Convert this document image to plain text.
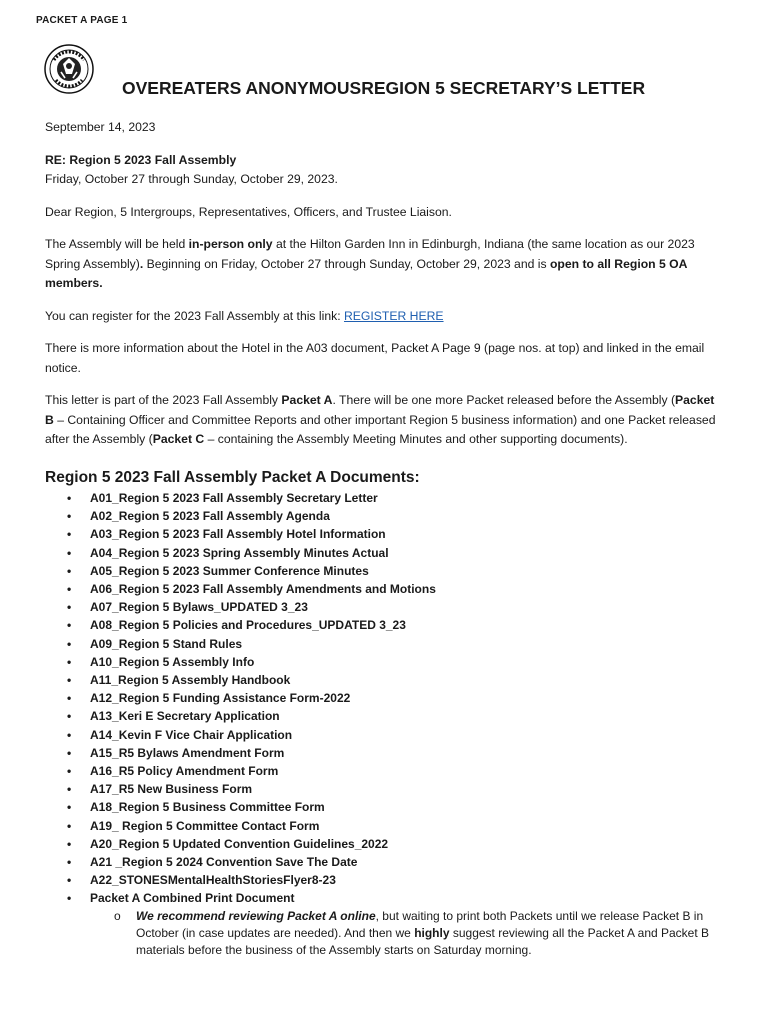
PACKET A PAGE 1
OVEREATERS ANONYMOUSREGION 5 SECRETARY’S LETTER

September 14, 2023

RE: Region 5 2023 Fall Assembly
Friday, October 27 through Sunday, October 29, 2023.

Dear Region, 5 Intergroups, Representatives, Officers, and Trustee Liaison.

The Assembly will be held in-person only at the Hilton Garden Inn in Edinburgh, Indiana (the same location as our 2023 Spring Assembly). Beginning on Friday, October 27 through Sunday, October 29, 2023 and is open to all Region 5 OA members.

You can register for the 2023 Fall Assembly at this link: REGISTER HERE

There is more information about the Hotel in the A03 document, Packet A Page 9 (page nos. at top) and linked in the email notice.

This letter is part of the 2023 Fall Assembly Packet A. There will be one more Packet released before the Assembly (Packet B – Containing Officer and Committee Reports and other important Region 5 business information) and one Packet released after the Assembly (Packet C – containing the Assembly Meeting Minutes and other supporting documents).

Region 5 2023 Fall Assembly Packet A Documents:
• A01_Region 5 2023 Fall Assembly Secretary Letter
• A02_Region 5 2023 Fall Assembly Agenda
• A03_Region 5 2023 Fall Assembly Hotel Information
• A04_Region 5 2023 Spring Assembly Minutes Actual
• A05_Region 5 2023 Summer Conference Minutes
• A06_Region 5 2023 Fall Assembly Amendments and Motions
• A07_Region 5 Bylaws_UPDATED 3_23
• A08_Region 5 Policies and Procedures_UPDATED 3_23
• A09_Region 5 Stand Rules
• A10_Region 5 Assembly Info
• A11_Region 5 Assembly Handbook
• A12_Region 5 Funding Assistance Form-2022
• A13_Keri E Secretary Application
• A14_Kevin F Vice Chair Application
• A15_R5 Bylaws Amendment Form
• A16_R5 Policy Amendment Form
• A17_R5 New Business Form
• A18_Region 5 Business Committee Form
• A19_ Region 5 Committee Contact Form
• A20_Region 5 Updated Convention Guidelines_2022
• A21 _Region 5 2024 Convention Save The Date
• A22_STONESMentalHealthStoriesFlyer8-23
• Packet A Combined Print Document
o We recommend reviewing Packet A online, but waiting to print both Packets until we release Packet B in October (in case updates are needed). And then we highly suggest reviewing all the Packet A and Packet B materials before the business of the Assembly starts on Saturday morning.
